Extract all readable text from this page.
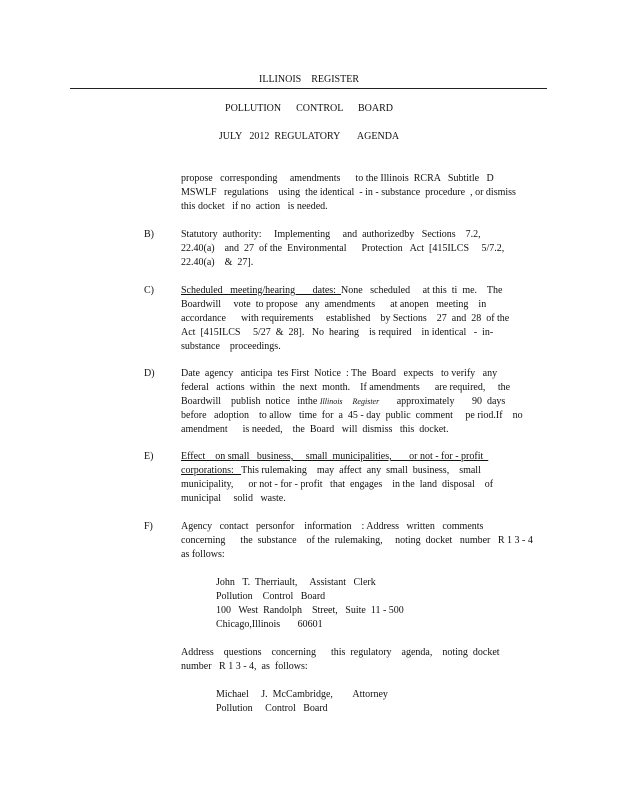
ILLINOIS    REGISTER
POLLUTION      CONTROL      BOARD
JULY   2012  REGULATORY       AGENDA
propose   corresponding     amendments      to the Illinois  RCRA   Subtitle   D
MSWLF   regulations    using  the identical  - in - substance  procedure  , or dismiss
this docket   if no  action   is needed.
B)	Statutory  authority:     Implementing     and  authorizedby   Sections    7.2,
22.40(a)    and  27  of the  Environmental      Protection   Act  [415ILCS     5/7.2,
22.40(a)    &  27].
C)	Scheduled   meeting/hearing       dates:  None   scheduled     at this  ti  me.    The
Boardwill     vote  to propose   any  amendments      at anopen   meeting    in
accordance      with requirements     established    by Sections    27  and  28  of the
Act  [415ILCS     5/27  &  28].   No  hearing    is required    in identical   -  in-
substance    proceedings.
D)	Date  agency   anticipa  tes First  Notice  : The  Board   expects   to verify   any
federal   actions  within   the  next  month.    If amendments      are required,     the
Boardwill    publish  notice   inthe Illinois     Register approximately       90  days
before   adoption    to allow   time  for  a  45 - day  public  comment     pe riod.If    no
amendment      is needed,    the  Board   will  dismiss   this  docket.
E)	Effect    on small   business,     small  municipalities,       or not - for - profit
corporations:   This rulemaking    may  affect  any  small  business,    small
municipality,      or not - for - profit   that  engages    in the  land  disposal    of
municipal     solid   waste.
F)	Agency   contact   personfor    information    : Address   written   comments
concerning      the  substance    of the  rulemaking,     noting  docket   number   R 1 3 - 4
as follows:
John   T.  Therriault,     Assistant   Clerk
Pollution    Control   Board
100   West  Randolph    Street,   Suite  11 - 500
Chicago,Illinois       60601
Address    questions    concerning      this  regulatory    agenda,    noting  docket
number   R 1 3 - 4,  as  follows:
Michael     J.  McCambridge,        Attorney
Pollution     Control   Board
